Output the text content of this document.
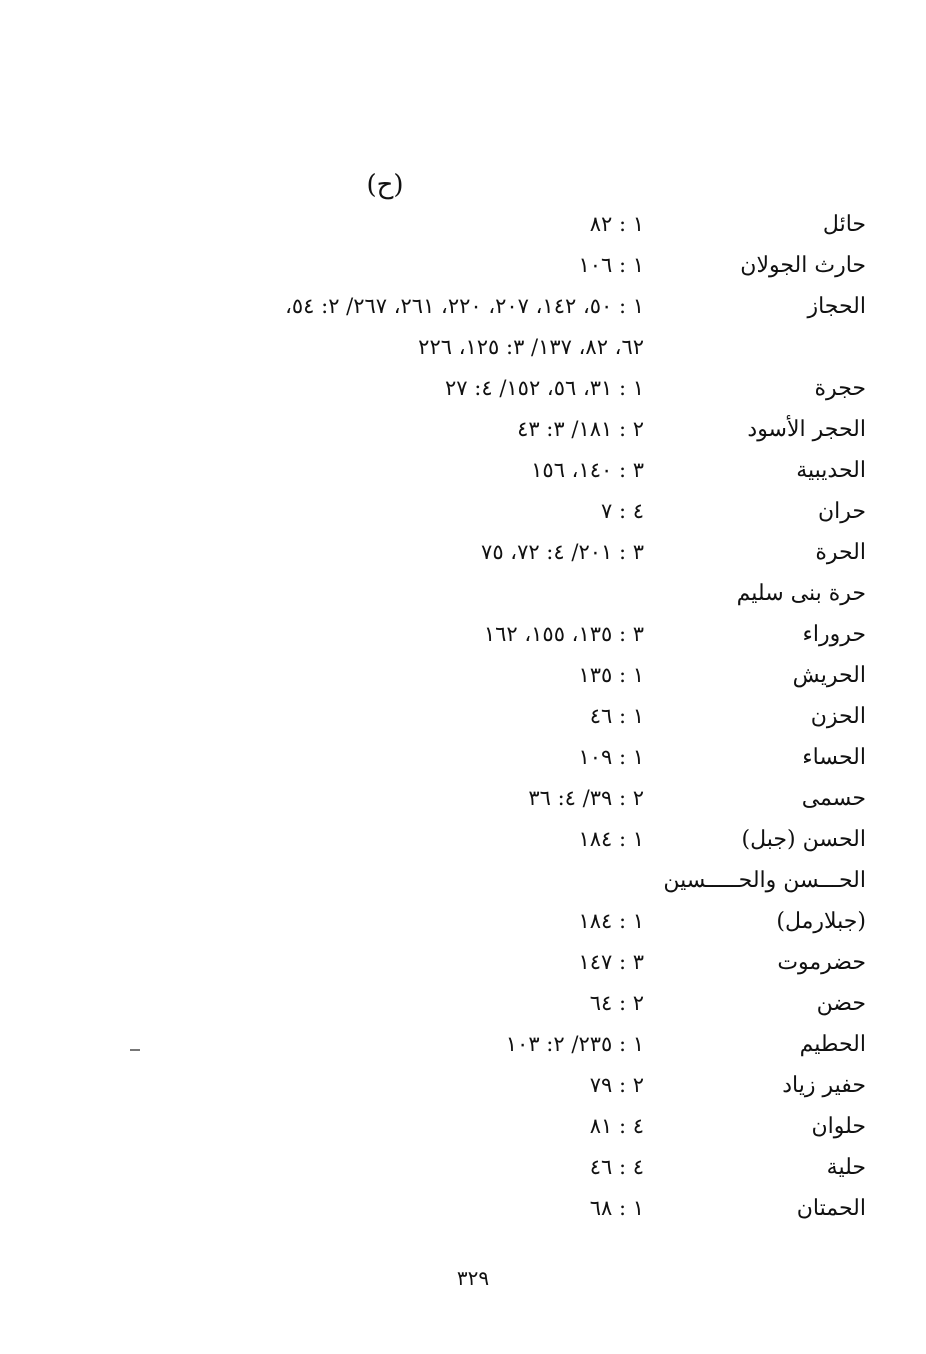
(ح)
حائل
١ : ٨٢
حارث الجولان
١ : ١٠٦
الحجاز
١ : ٥٠، ١٤٢، ٢٠٧، ٢٢٠، ٢٦١، ٢٦٧/ ٢: ٥٤،
٦٢، ٨٢، ١٣٧/ ٣: ١٢٥، ٢٢٦
حجرة
١ : ٣١، ٥٦، ١٥٢/ ٤: ٢٧
الحجر الأسود
٢ : ١٨١/ ٣: ٤٣
الحديبية
٣ : ١٤٠، ١٥٦
حران
٤ : ٧
الحرة
٣ : ٢٠١/ ٤: ٧٢، ٧٥
حرة بنى سليم
حروراء
٣ : ١٣٥، ١٥٥، ١٦٢
الحريش
١ : ١٣٥
الحزن
١ : ٤٦
الحساء
١ : ١٠٩
حسمى
٢ : ٣٩/ ٤: ٣٦
الحسن (جبل)
١ : ١٨٤
الحـــسن والحـــــسين
(جبلارمل)
١ : ١٨٤
حضرموت
٣ : ١٤٧
حضن
٢ : ٦٤
الحطيم
١ : ٢٣٥/ ٢: ١٠٣
حفير زياد
٢ : ٧٩
حلوان
٤ : ٨١
حلية
٤ : ٤٦
الحمتان
١ : ٦٨
٣٢٩
